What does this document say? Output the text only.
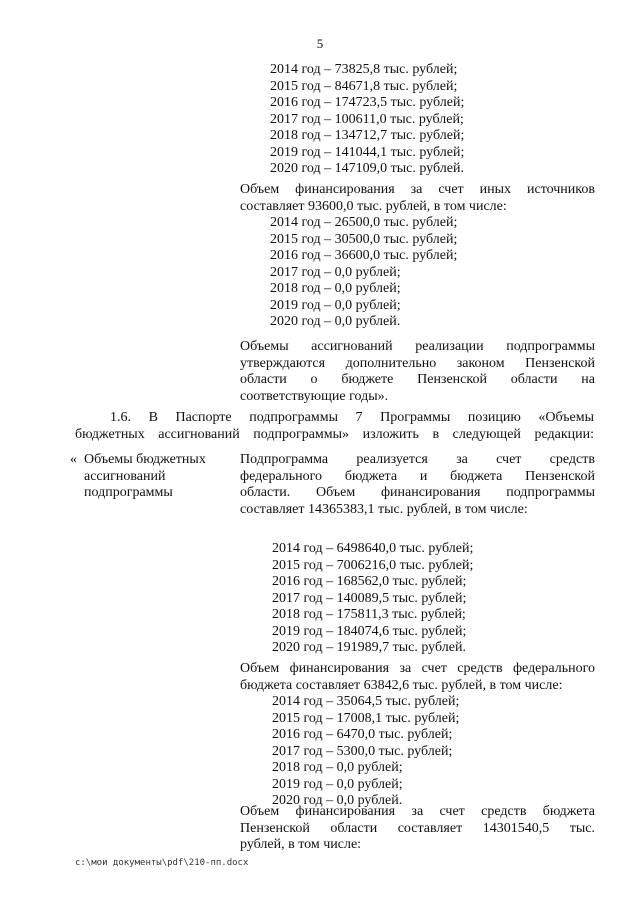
5
2014 год – 73825,8 тыс. рублей;
2015 год – 84671,8 тыс. рублей;
2016 год – 174723,5 тыс. рублей;
2017 год – 100611,0 тыс. рублей;
2018 год – 134712,7 тыс. рублей;
2019 год – 141044,1 тыс. рублей;
2020 год – 147109,0 тыс. рублей.
Объем финансирования за счет иных источников
составляет 93600,0 тыс. рублей, в том числе:
2014 год – 26500,0 тыс. рублей;
2015 год – 30500,0 тыс. рублей;
2016 год – 36600,0 тыс. рублей;
2017 год – 0,0 рублей;
2018 год – 0,0 рублей;
2019 год – 0,0 рублей;
2020 год – 0,0 рублей.
Объемы ассигнований реализации подпрограммы
утверждаются дополнительно законом Пензенской
области о бюджете Пензенской области на
соответствующие годы».
1.6. В Паспорте подпрограммы 7 Программы позицию «Объемы
бюджетных ассигнований подпрограммы» изложить в следующей редакции:
« Объемы бюджетных
ассигнований
подпрограммы
Подпрограмма реализуется за счет средств
федерального бюджета и бюджета Пензенской
области. Объем финансирования подпрограммы
составляет 14365383,1 тыс. рублей, в том числе:
2014 год – 6498640,0 тыс. рублей;
2015 год – 7006216,0 тыс. рублей;
2016 год – 168562,0 тыс. рублей;
2017 год – 140089,5 тыс. рублей;
2018 год – 175811,3 тыс. рублей;
2019 год – 184074,6 тыс. рублей;
2020 год – 191989,7 тыс. рублей.
Объем финансирования за счет средств федерального
бюджета составляет 63842,6 тыс. рублей, в том числе:
2014 год – 35064,5 тыс. рублей;
2015 год – 17008,1 тыс. рублей;
2016 год – 6470,0 тыс. рублей;
2017 год – 5300,0 тыс. рублей;
2018 год – 0,0 рублей;
2019 год – 0,0 рублей;
2020 год – 0,0 рублей.
Объем финансирования за счет средств бюджета
Пензенской области составляет 14301540,5 тыс.
рублей, в том числе:
c:\мои документы\pdf\210-пп.docx
